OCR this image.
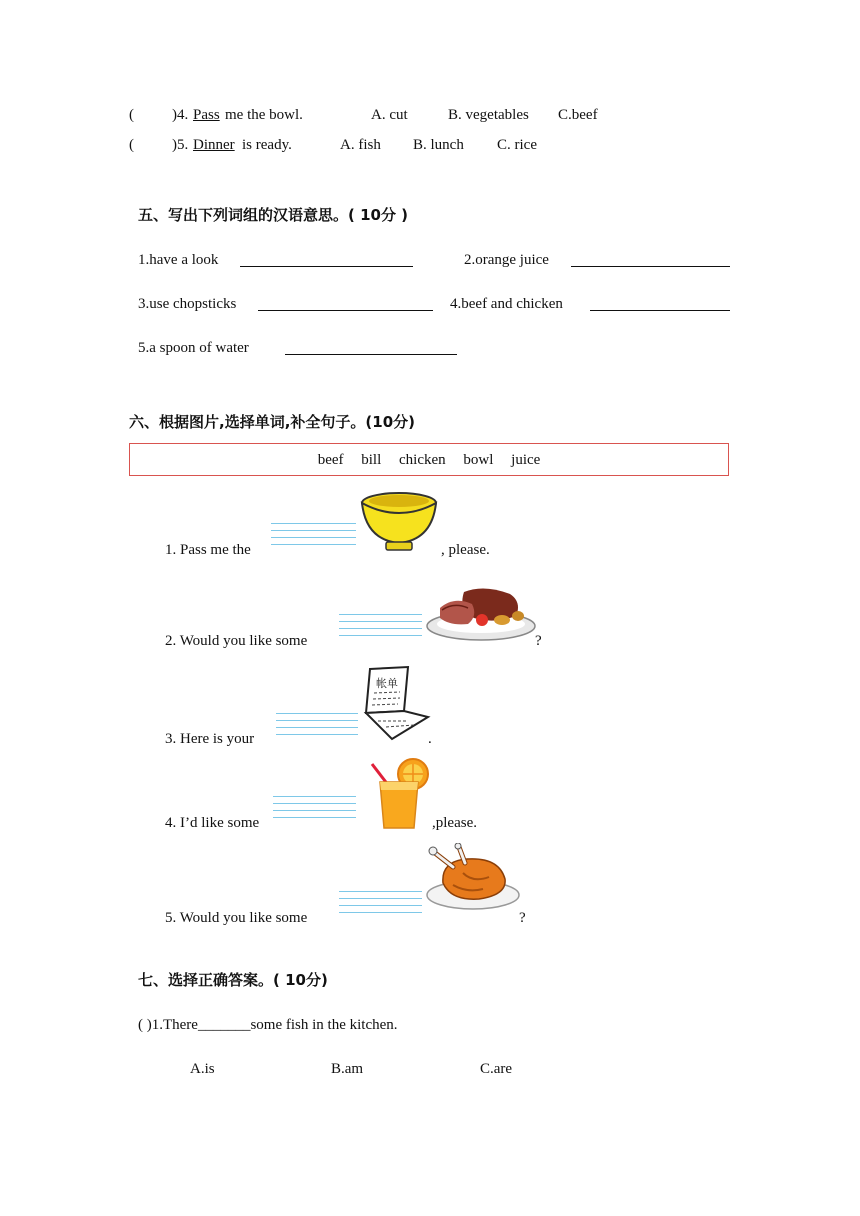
(	)4. Pass me the bowl.	A. cut	B. vegetables C.beef
(	)5. Dinner is ready.	A. fish B. lunch C. rice
五、写出下列词组的汉语意思。( 10分 )
1.have a look	2.orange juice
3.use chopsticks	4.beef and chicken
5.a spoon of water
六、根据图片,选择单词,补全句子。(10分)
beef bill chicken bowl juice
1. Pass me the	, please.
2. Would you like some	?
3. Here is your
帐单
.
4. I’d like some	,please.
5. Would you like some	?
七、选择正确答案。( 10分)
( )1.There_______some fish in the kitchen.
A.is	B.am	C.are
